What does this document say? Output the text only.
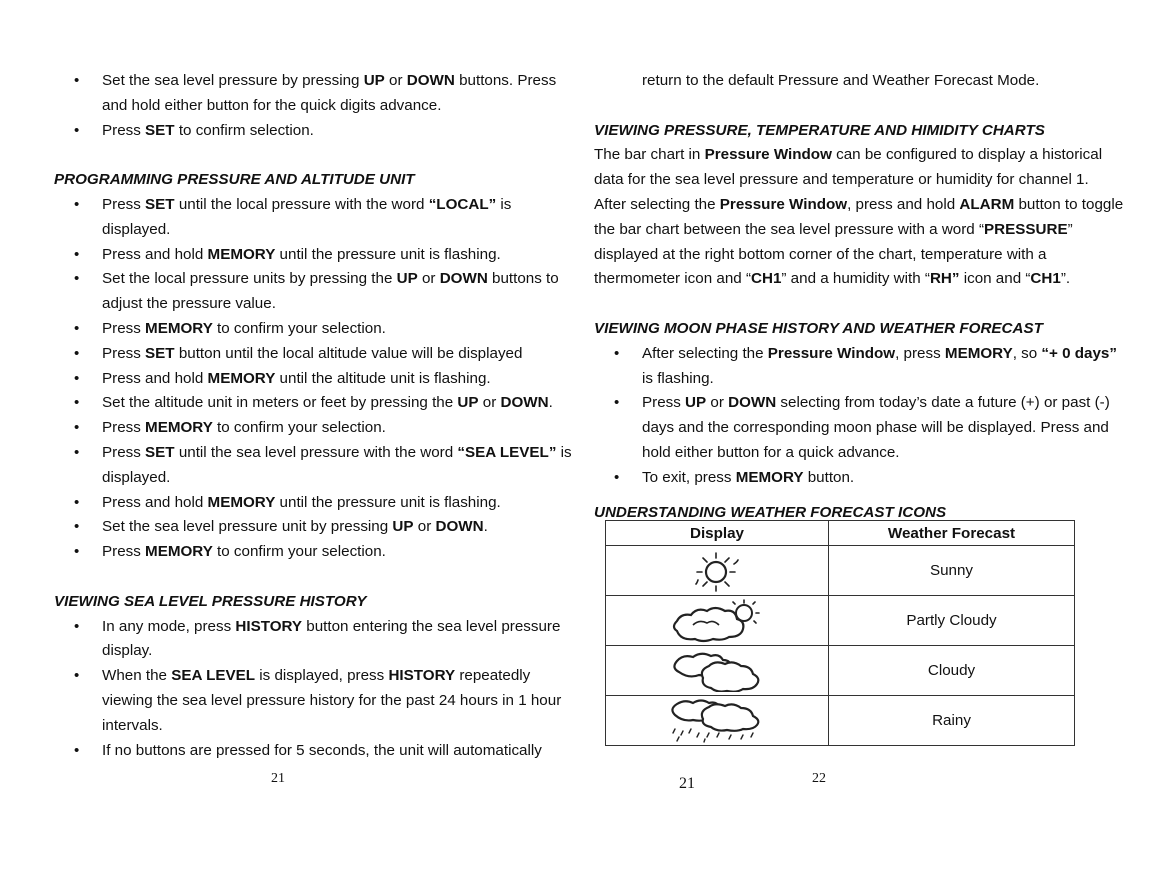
• Set the sea level pressure by pressing UP or DOWN buttons. Press
and hold either button for the quick digits advance.
• Press SET to confirm selection.
PROGRAMMING PRESSURE AND ALTITUDE UNIT
• Press SET until the local pressure with the word “LOCAL” is
displayed.
• Press and hold MEMORY until the pressure unit is flashing.
• Set the local pressure units by pressing the UP or DOWN buttons to
adjust the pressure value.
• Press MEMORY to confirm your selection.
• Press SET button until the local altitude value will be displayed
• Press and hold MEMORY until the altitude unit is flashing.
• Set the altitude unit in meters or feet by pressing the UP or DOWN.
• Press MEMORY to confirm your selection.
• Press SET until the sea level pressure with the word “SEA LEVEL” is
displayed.
• Press and hold MEMORY until the pressure unit is flashing.
• Set the sea level pressure unit by pressing UP or DOWN.
• Press MEMORY to confirm your selection.
VIEWING SEA LEVEL PRESSURE HISTORY
• In any mode, press HISTORY button entering the sea level pressure
display.
• When the SEA LEVEL is displayed, press HISTORY repeatedly
viewing the sea level pressure history for the past 24 hours in 1 hour
intervals.
• If no buttons are pressed for 5 seconds, the unit will automatically
return to the default Pressure and Weather Forecast Mode.
VIEWING PRESSURE, TEMPERATURE AND HIMIDITY CHARTS
The bar chart in Pressure Window can be configured to display a historical
data for the sea level pressure and temperature or humidity for channel 1.
After selecting the Pressure Window, press and hold ALARM button to toggle
the bar chart between the sea level pressure with a word “PRESSURE”
displayed at the right bottom corner of the chart, temperature with a
thermometer icon and “CH1” and a humidity with “RH” icon and “CH1”.
VIEWING MOON PHASE HISTORY AND WEATHER FORECAST
• After selecting the Pressure Window, press MEMORY, so “+ 0 days”
is flashing.
• Press UP or DOWN selecting from today’s date a future (+) or past (-)
days and the corresponding moon phase will be displayed. Press and
hold either button for a quick advance.
• To exit, press MEMORY button.
UNDERSTANDING WEATHER FORECAST ICONS
Display	Weather Forecast

	Sunny

	Partly Cloudy

	Cloudy

	Rainy
21	21	22
